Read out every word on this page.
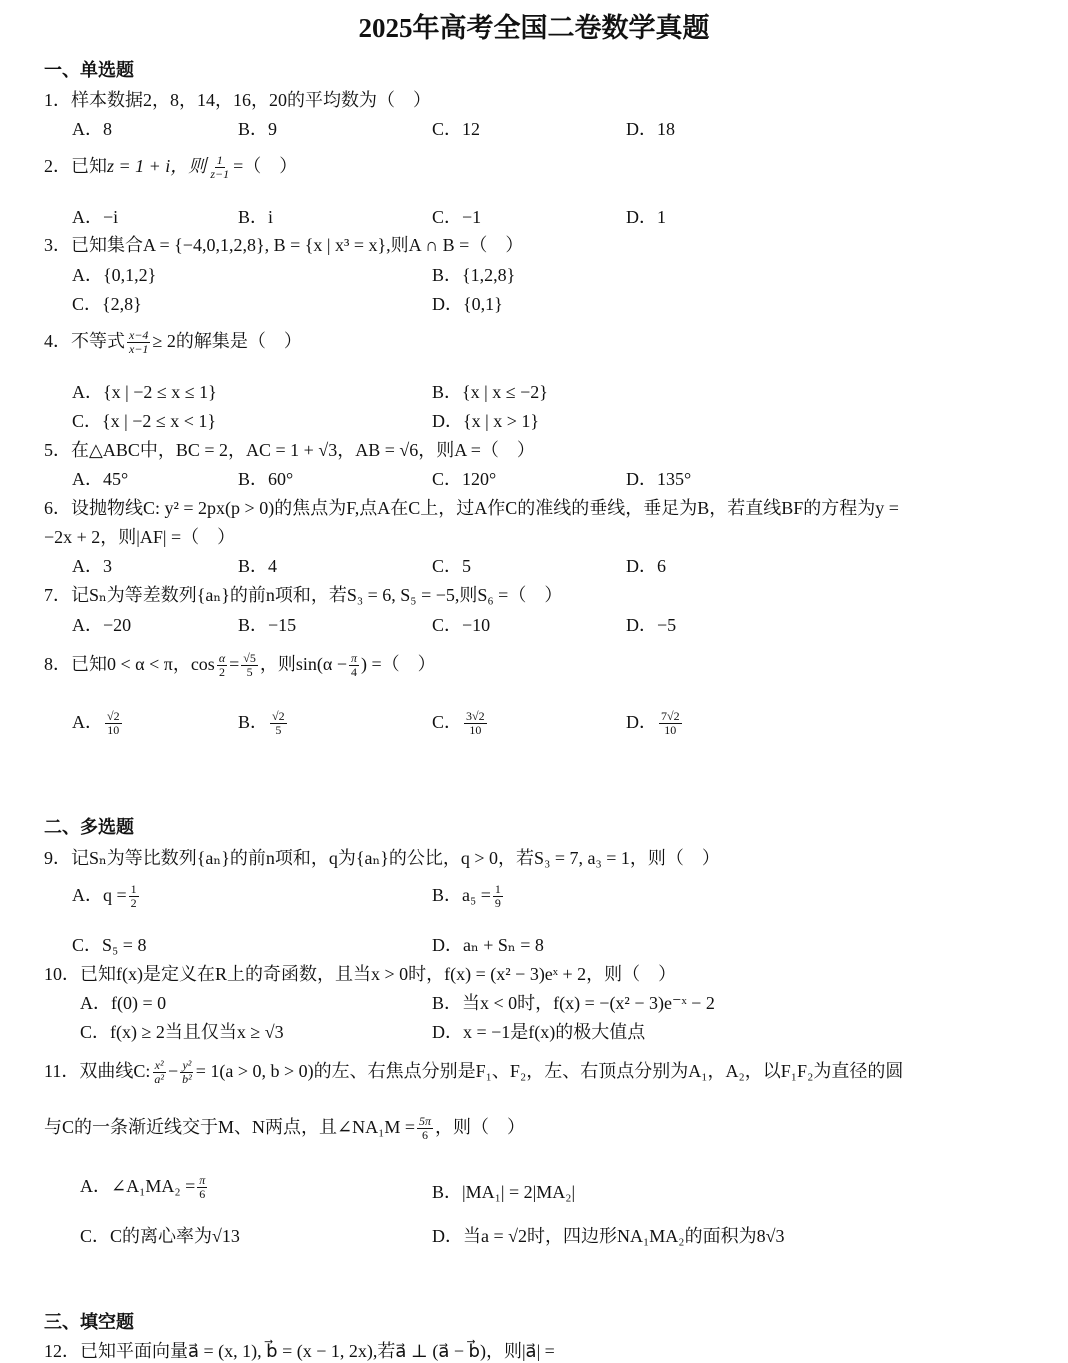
2025年高考全国二卷数学真题
一、单选题
1．样本数据2，8，14，16，20的平均数为（　）
A．8	B．9	C．12	D．18
2．已知z = 1 + i，则 $\frac{1}{z-1}$ =（　）
A．−i	B．i	C．−1	D．1
3．已知集合A = {−4,0,1,2,8}, B = {x | x³ = x},则A ∩ B =（　）
A．{0,1,2}	B．{1,2,8}
C．{2,8}	D．{0,1}
4．不等式 $\frac{x-4}{x-1} \ge 2$的解集是（　）
A．{x | −2 ≤ x ≤ 1}	B．{x | x ≤ −2}
C．{x | −2 ≤ x < 1}	D．{x | x > 1}
5．在△ABC中，BC = 2，AC = 1 + √3，AB = √6，则A =（　）
A．45°	B．60°	C．120°	D．135°
6．设抛物线C: y² = 2px(p > 0)的焦点为F,点A在C上，过A作C的准线的垂线，垂足为B，若直线BF的方程为y =
−2x + 2，则|AF| =（　）
A．3	B．4	C．5	D．6
7．记Sₙ为等差数列{aₙ}的前n项和，若S₃ = 6, S₅ = −5,则S₆ =（　）
A．−20	B．−15	C．−10	D．−5
8．已知0 < α < π，$\cos \frac{\alpha}{2} = \frac{√5}{5}$ ，则$\sin(\alpha - \frac{\pi}{4}$ ) =（　）
A． $\frac{√2}{10}$	B． $\frac{√2}{5}$	C． $\frac{3√2}{10}$	D． $\frac{7√2}{10}$
二、多选题
9．记Sₙ为等比数列{aₙ}的前n项和，q为{aₙ}的公比，q > 0，若S₃ = 7, a₃ = 1，则（　）
A．$q = \frac{1}{2}$	B．$a_5 = \frac{1}{9}$
C．S₅ = 8	D．aₙ + Sₙ = 8
10．已知f(x)是定义在R上的奇函数，且当x > 0时，f(x) = (x² − 3)eˣ + 2，则（　）
A．f(0) = 0	B．当x < 0时，f(x) = −(x² − 3)e⁻ˣ − 2
C．f(x) ≥ 2当且仅当x ≥ √3	D．x = −1是f(x)的极大值点
11．双曲线C: $\frac{\text{x²}}{\text{a²}} - \frac{\text{y²}}{\text{b²}} = 1(a > 0$, b > 0)的左、右焦点分别是F₁、F₂，左、右顶点分别为A₁，A₂，以F₁F₂为直径的圆
与C的一条渐近线交于M、N两点，且∠NA₁M = $\frac{5\pi}{6}$ ，则（　）
A．∠A₁MA₂ = $\frac{\pi}{6}$	B．|MA₁| = 2|MA₂|
C．C的离心率为√13	D．当a = √2时，四边形NA₁MA₂的面积为8√3
三、填空题
12．已知平面向量a⃗ = (x, 1), b⃗ = (x − 1, 2x),若a⃗ ⊥ (a⃗ − b⃗)，则|a⃗| =
